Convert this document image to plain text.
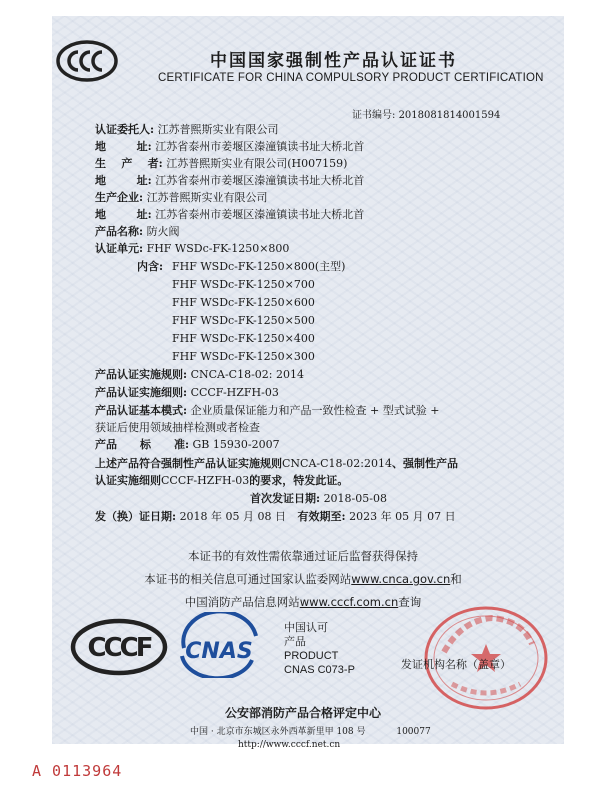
中国国家强制性产品认证证书
CERTIFICATE FOR CHINA COMPULSORY PRODUCT CERTIFICATION
证书编号: 2018081814001594
认证委托人: 江苏普熙斯实业有限公司
地        址: 江苏省泰州市姜堰区溱潼镇读书址大桥北首
生    产    者: 江苏普熙斯实业有限公司(H007159)
地        址: 江苏省泰州市姜堰区溱潼镇读书址大桥北首
生产企业: 江苏普熙斯实业有限公司
地        址: 江苏省泰州市姜堰区溱潼镇读书址大桥北首
产品名称: 防火阀
认证单元: FHF WSDc-FK-1250×800
内含: FHF WSDc-FK-1250×800(主型)
FHF WSDc-FK-1250×700
FHF WSDc-FK-1250×600
FHF WSDc-FK-1250×500
FHF WSDc-FK-1250×400
FHF WSDc-FK-1250×300
产品认证实施规则: CNCA-C18-02: 2014
产品认证实施细则: CCCF-HZFH-03
产品认证基本模式: 企业质量保证能力和产品一致性检查 + 型式试验 +
获证后使用领域抽样检测或者检查
产品      标      准: GB 15930-2007
上述产品符合强制性产品认证实施规则CNCA-C18-02:2014、强制性产品
认证实施细则CCCF-HZFH-03的要求，特发此证。
首次发证日期: 2018-05-08
发（换）证日期: 2018 年 05 月 08 日 有效期至: 2023 年 05 月 07 日
本证书的有效性需依靠通过证后监督获得保持
本证书的相关信息可通过国家认监委网站www.cnca.gov.cn和
中国消防产品信息网站www.cccf.com.cn查询
CCCF CNAS
中国认可
产品
PRODUCT
CNAS C073-P	发证机构名称（盖章）
公安部消防产品合格评定中心
中国 · 北京市东城区永外西革新里甲 108 号	100077
http://www.cccf.net.cn
A 0113964
